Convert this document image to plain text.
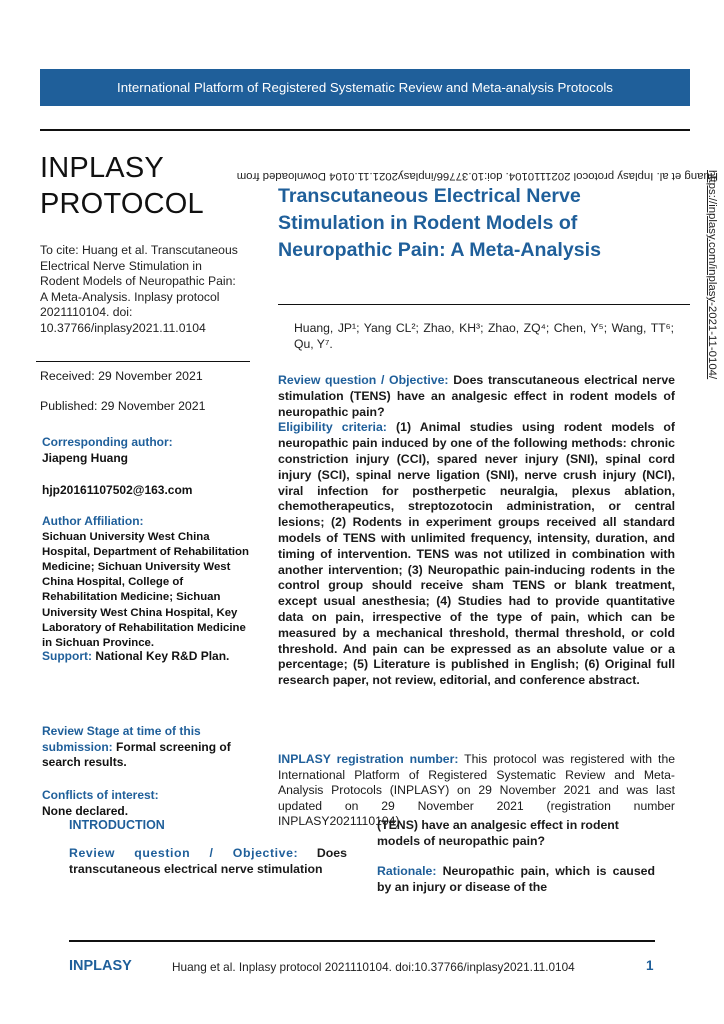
International Platform of Registered Systematic Review and Meta-analysis Protocols
INPLASY
PROTOCOL
To cite: Huang et al. Transcutaneous Electrical Nerve Stimulation in Rodent Models of Neuropathic Pain: A Meta-Analysis. Inplasy protocol 2021110104. doi: 10.37766/inplasy2021.11.0104
Received: 29 November 2021
Published: 29 November 2021
Corresponding author:
Jiapeng Huang
hjp20161107502@163.com
Author Affiliation:
Sichuan University West China Hospital, Department of Rehabilitation Medicine; Sichuan University West China Hospital, College of Rehabilitation Medicine; Sichuan University West China Hospital, Key Laboratory of Rehabilitation Medicine in Sichuan Province.
Support: National Key R&D Plan.
Review Stage at time of this submission: Formal screening of search results.
Conflicts of interest:
None declared.
Transcutaneous Electrical Nerve Stimulation in Rodent Models of Neuropathic Pain: A Meta-Analysis
Huang, JP¹; Yang CL²; Zhao, KH³; Zhao, ZQ⁴; Chen, Y⁵; Wang, TT⁶; Qu, Y⁷.

Review question / Objective: Does transcutaneous electrical nerve stimulation (TENS) have an analgesic effect in rodent models of neuropathic pain?

Eligibility criteria: (1) Animal studies using rodent models of neuropathic pain induced by one of the following methods: chronic constriction injury (CCI), spared never injury (SNI), spinal cord injury (SCI), spinal nerve ligation (SNI), nerve crush injury (NCI), viral infection for postherpetic neuralgia, plexus ablation, chemotherapeutics, streptozotocin administration, or central lesions; (2) Rodents in experiment groups received all standard models of TENS with unlimited frequency, intensity, duration, and timing of intervention. TENS was not utilized in combination with another intervention; (3) Neuropathic pain-inducing rodents in the control group should receive sham TENS or blank treatment, except usual anesthesia; (4) Studies had to provide quantitative data on pain, irrespective of the type of pain, which can be measured by a mechanical threshold, thermal threshold, or cold threshold. And pain can be expressed as an absolute value or a percentage; (5) Literature is published in English; (6) Original full research paper, not review, editorial, and conference abstract.

INPLASY registration number: This protocol was registered with the International Platform of Registered Systematic Review and Meta-Analysis Protocols (INPLASY) on 29 November 2021 and was last updated on 29 November 2021 (registration number INPLASY2021110104).
INTRODUCTION
Review question / Objective: Does transcutaneous electrical nerve stimulation

(TENS) have an analgesic effect in rodent models of neuropathic pain?

Rationale: Neuropathic pain, which is caused by an injury or disease of the

INPLASY	Huang et al. Inplasy protocol 2021110104. doi:10.37766/inplasy2021.11.0104	1
Huang et al. Inplasy protocol 2021110104. doi:10.37766/inplasy2021.11.0104 Downloaded from
https://inplasy.com/inplasy-2021-11-0104/
